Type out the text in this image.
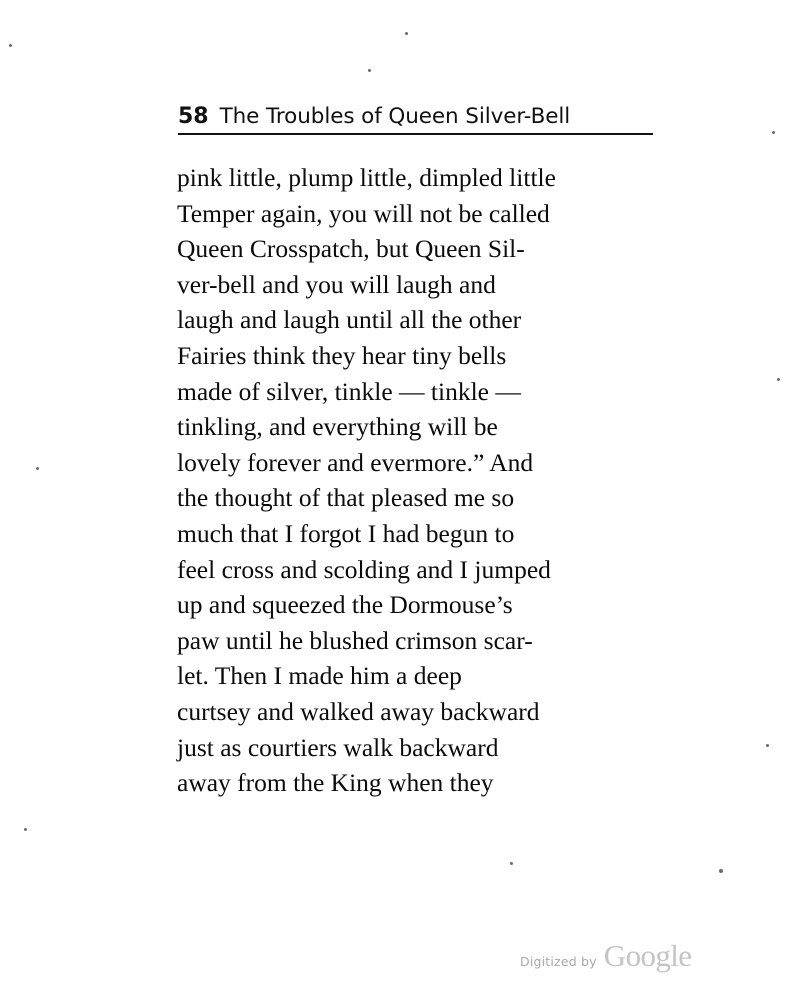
58 The Troubles of Queen Silver-Bell
pink little, plump little, dimpled little
Temper again, you will not be called
Queen Crosspatch, but Queen Sil-
ver-bell and you will laugh and
laugh and laugh until all the other
Fairies think they hear tiny bells
made of silver, tinkle — tinkle —
tinkling, and everything will be
lovely forever and evermore.” And
the thought of that pleased me so
much that I forgot I had begun to
feel cross and scolding and I jumped
up and squeezed the Dormouse’s
paw until he blushed crimson scar-
let. Then I made him a deep
curtsey and walked away backward
just as courtiers walk backward
away from the King when they
Digitized by Google
